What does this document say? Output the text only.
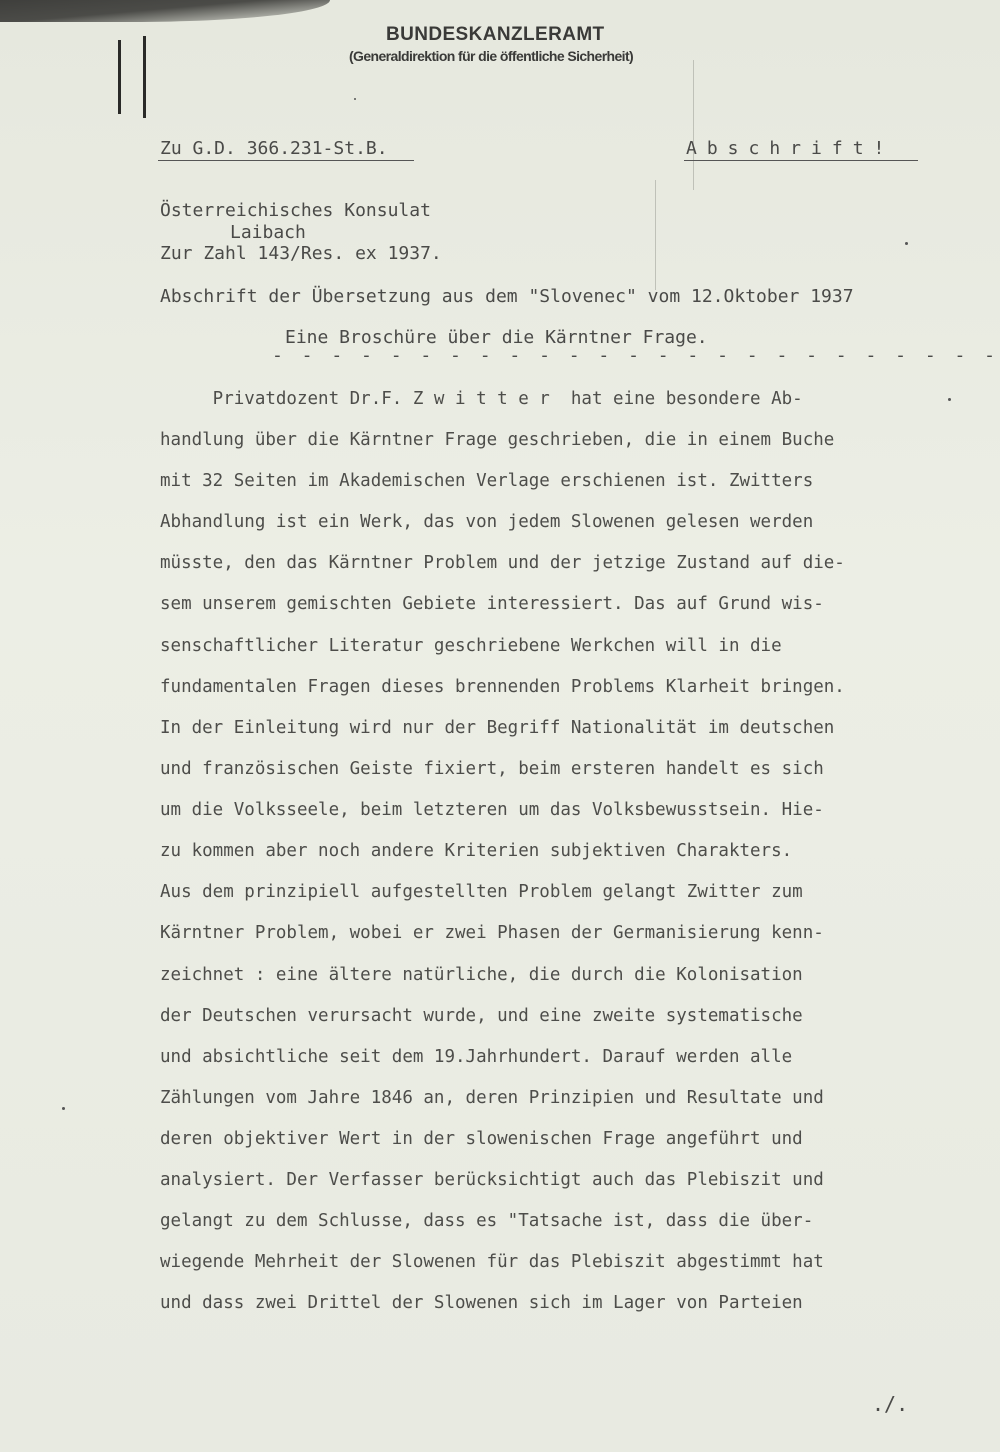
BUNDESKANZLERAMT
(Generaldirektion für die öffentliche Sicherheit)
Zu G.D. 366.231-St.B.	Abschrift!
Österreichisches Konsulat
Laibach
Zur Zahl 143/Res. ex 1937.
Abschrift der Übersetzung aus dem "Slovenec" vom 12.Oktober 1937
Eine Broschüre über die Kärntner Frage.
- - - - - - - - - - - - - - - - - - - - - - - - -
Privatdozent Dr.F. Z w i t t e r  hat eine besondere Ab-
handlung über die Kärntner Frage geschrieben, die in einem Buche
mit 32 Seiten im Akademischen Verlage erschienen ist. Zwitters
Abhandlung ist ein Werk, das von jedem Slowenen gelesen werden
müsste, den das Kärntner Problem und der jetzige Zustand auf die-
sem unserem gemischten Gebiete interessiert. Das auf Grund wis-
senschaftlicher Literatur geschriebene Werkchen will in die
fundamentalen Fragen dieses brennenden Problems Klarheit bringen.
In der Einleitung wird nur der Begriff Nationalität im deutschen
und französischen Geiste fixiert, beim ersteren handelt es sich
um die Volksseele, beim letzteren um das Volksbewusstsein. Hie-
zu kommen aber noch andere Kriterien subjektiven Charakters.
Aus dem prinzipiell aufgestellten Problem gelangt Zwitter zum
Kärntner Problem, wobei er zwei Phasen der Germanisierung kenn-
zeichnet : eine ältere natürliche, die durch die Kolonisation
der Deutschen verursacht wurde, und eine zweite systematische
und absichtliche seit dem 19.Jahrhundert. Darauf werden alle
Zählungen vom Jahre 1846 an, deren Prinzipien und Resultate und
deren objektiver Wert in der slowenischen Frage angeführt und
analysiert. Der Verfasser berücksichtigt auch das Plebiszit und
gelangt zu dem Schlusse, dass es "Tatsache ist, dass die über-
wiegende Mehrheit der Slowenen für das Plebiszit abgestimmt hat
und dass zwei Drittel der Slowenen sich im Lager von Parteien
./.
